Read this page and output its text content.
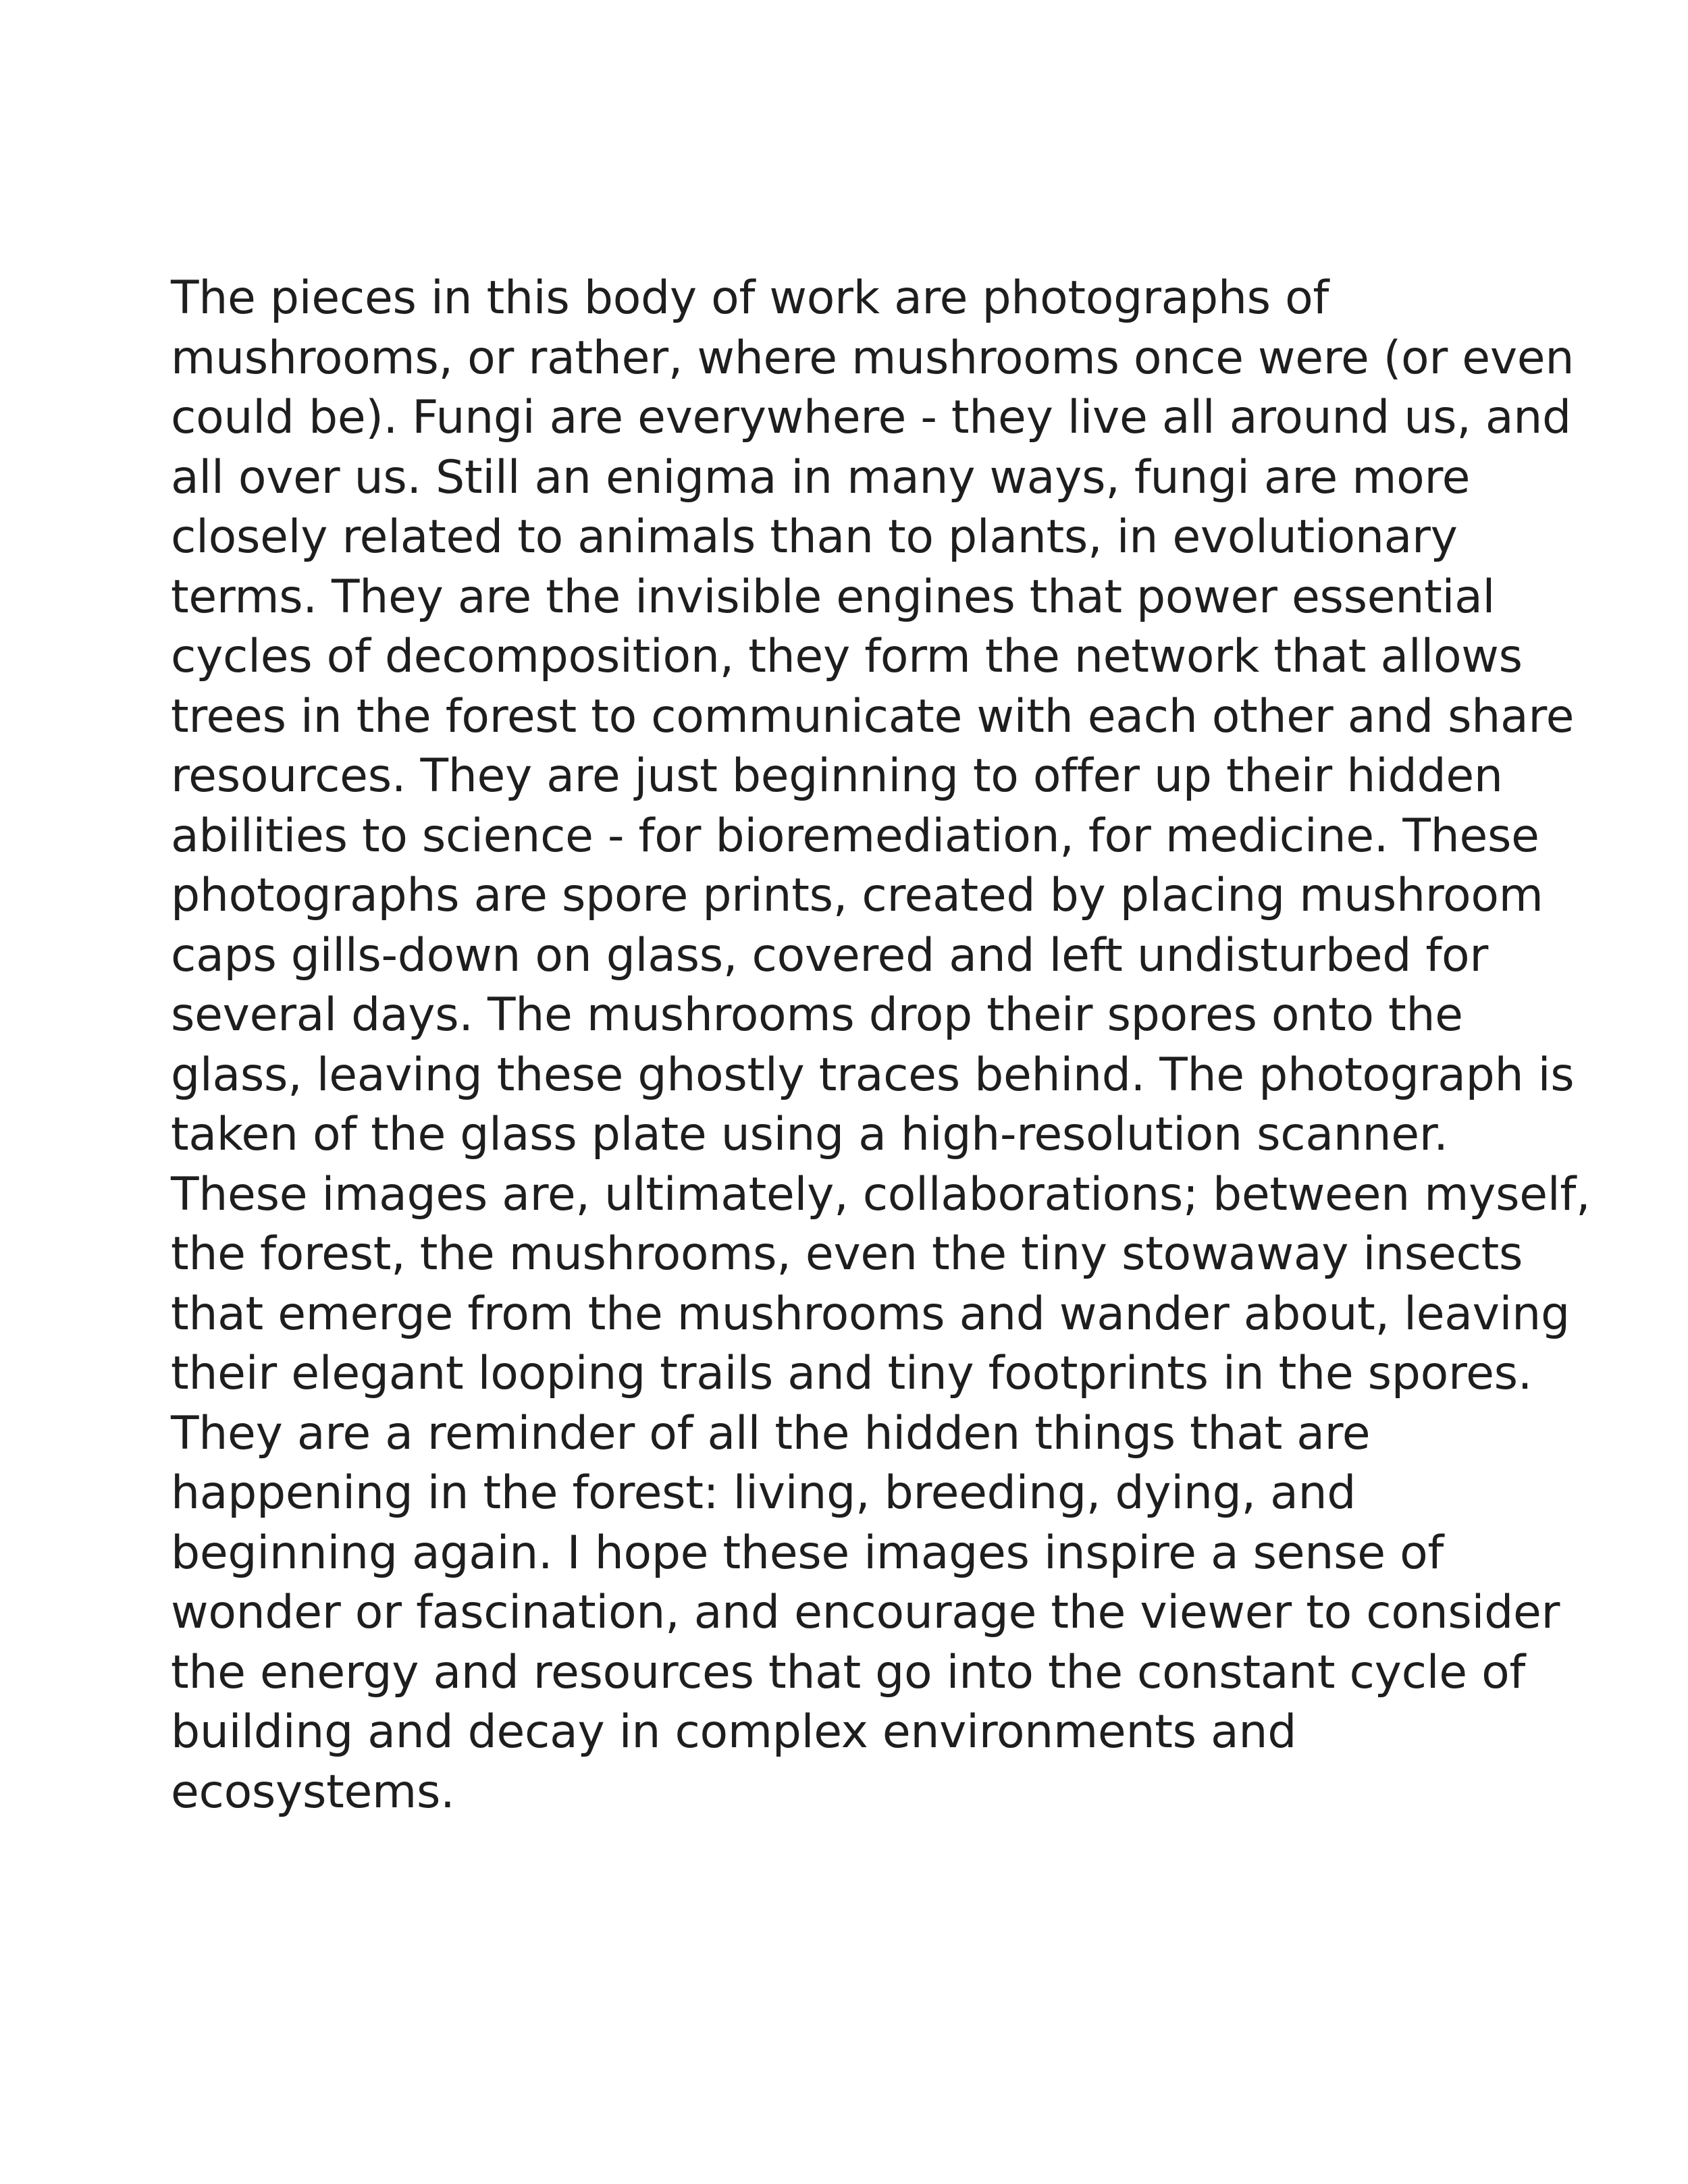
The pieces in this body of work are photographs of
mushrooms, or rather, where mushrooms once were (or even
could be). Fungi are everywhere - they live all around us, and
all over us. Still an enigma in many ways, fungi are more
closely related to animals than to plants, in evolutionary
terms. They are the invisible engines that power essential
cycles of decomposition, they form the network that allows
trees in the forest to communicate with each other and share
resources. They are just beginning to offer up their hidden
abilities to science - for bioremediation, for medicine. These
photographs are spore prints, created by placing mushroom
caps gills-down on glass, covered and left undisturbed for
several days. The mushrooms drop their spores onto the
glass, leaving these ghostly traces behind. The photograph is
taken of the glass plate using a high-resolution scanner.
These images are, ultimately, collaborations; between myself,
the forest, the mushrooms, even the tiny stowaway insects
that emerge from the mushrooms and wander about, leaving
their elegant looping trails and tiny footprints in the spores.
They are a reminder of all the hidden things that are
happening in the forest: living, breeding, dying, and
beginning again. I hope these images inspire a sense of
wonder or fascination, and encourage the viewer to consider
the energy and resources that go into the constant cycle of
building and decay in complex environments and
ecosystems.
